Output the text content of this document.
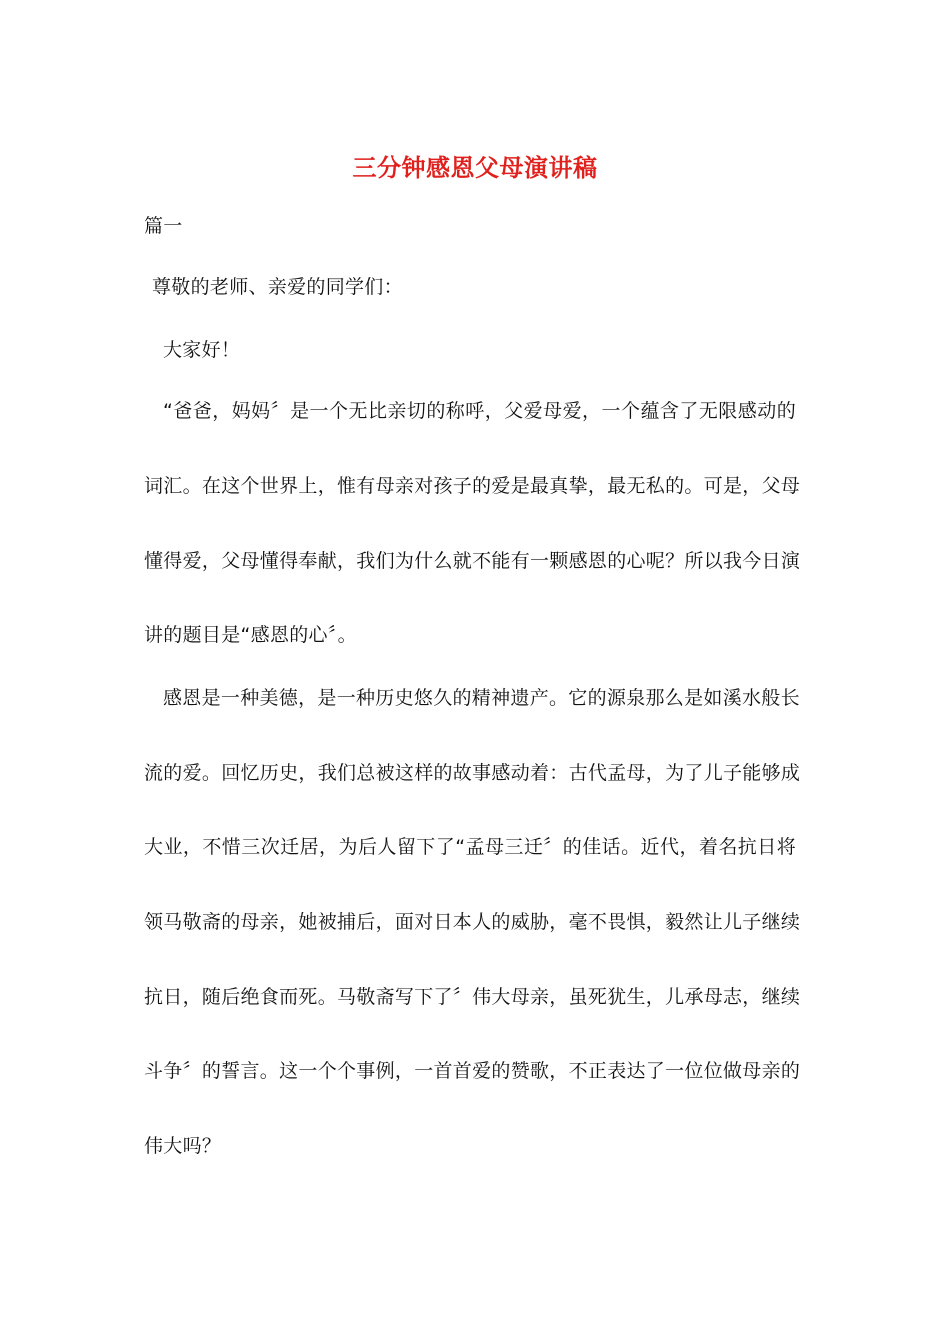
三分钟感恩父母演讲稿
篇一
尊敬的老师、亲爱的同学们：
大家好！
“爸爸，妈妈〞是一个无比亲切的称呼，父爱母爱，一个蕴含了无限感动的
词汇。在这个世界上，惟有母亲对孩子的爱是最真挚，最无私的。可是，父母
懂得爱，父母懂得奉献，我们为什么就不能有一颗感恩的心呢？所以我今日演
讲的题目是“感恩的心〞。
感恩是一种美德，是一种历史悠久的精神遗产。它的源泉那么是如溪水般长
流的爱。回忆历史，我们总被这样的故事感动着：古代孟母，为了儿子能够成
大业，不惜三次迁居，为后人留下了“孟母三迁〞的佳话。近代，着名抗日将
领马敬斋的母亲，她被捕后，面对日本人的威胁，毫不畏惧，毅然让儿子继续
抗日，随后绝食而死。马敬斋写下了〞伟大母亲，虽死犹生，儿承母志，继续
斗争〞的誓言。这一个个事例，一首首爱的赞歌，不正表达了一位位做母亲的
伟大吗？
